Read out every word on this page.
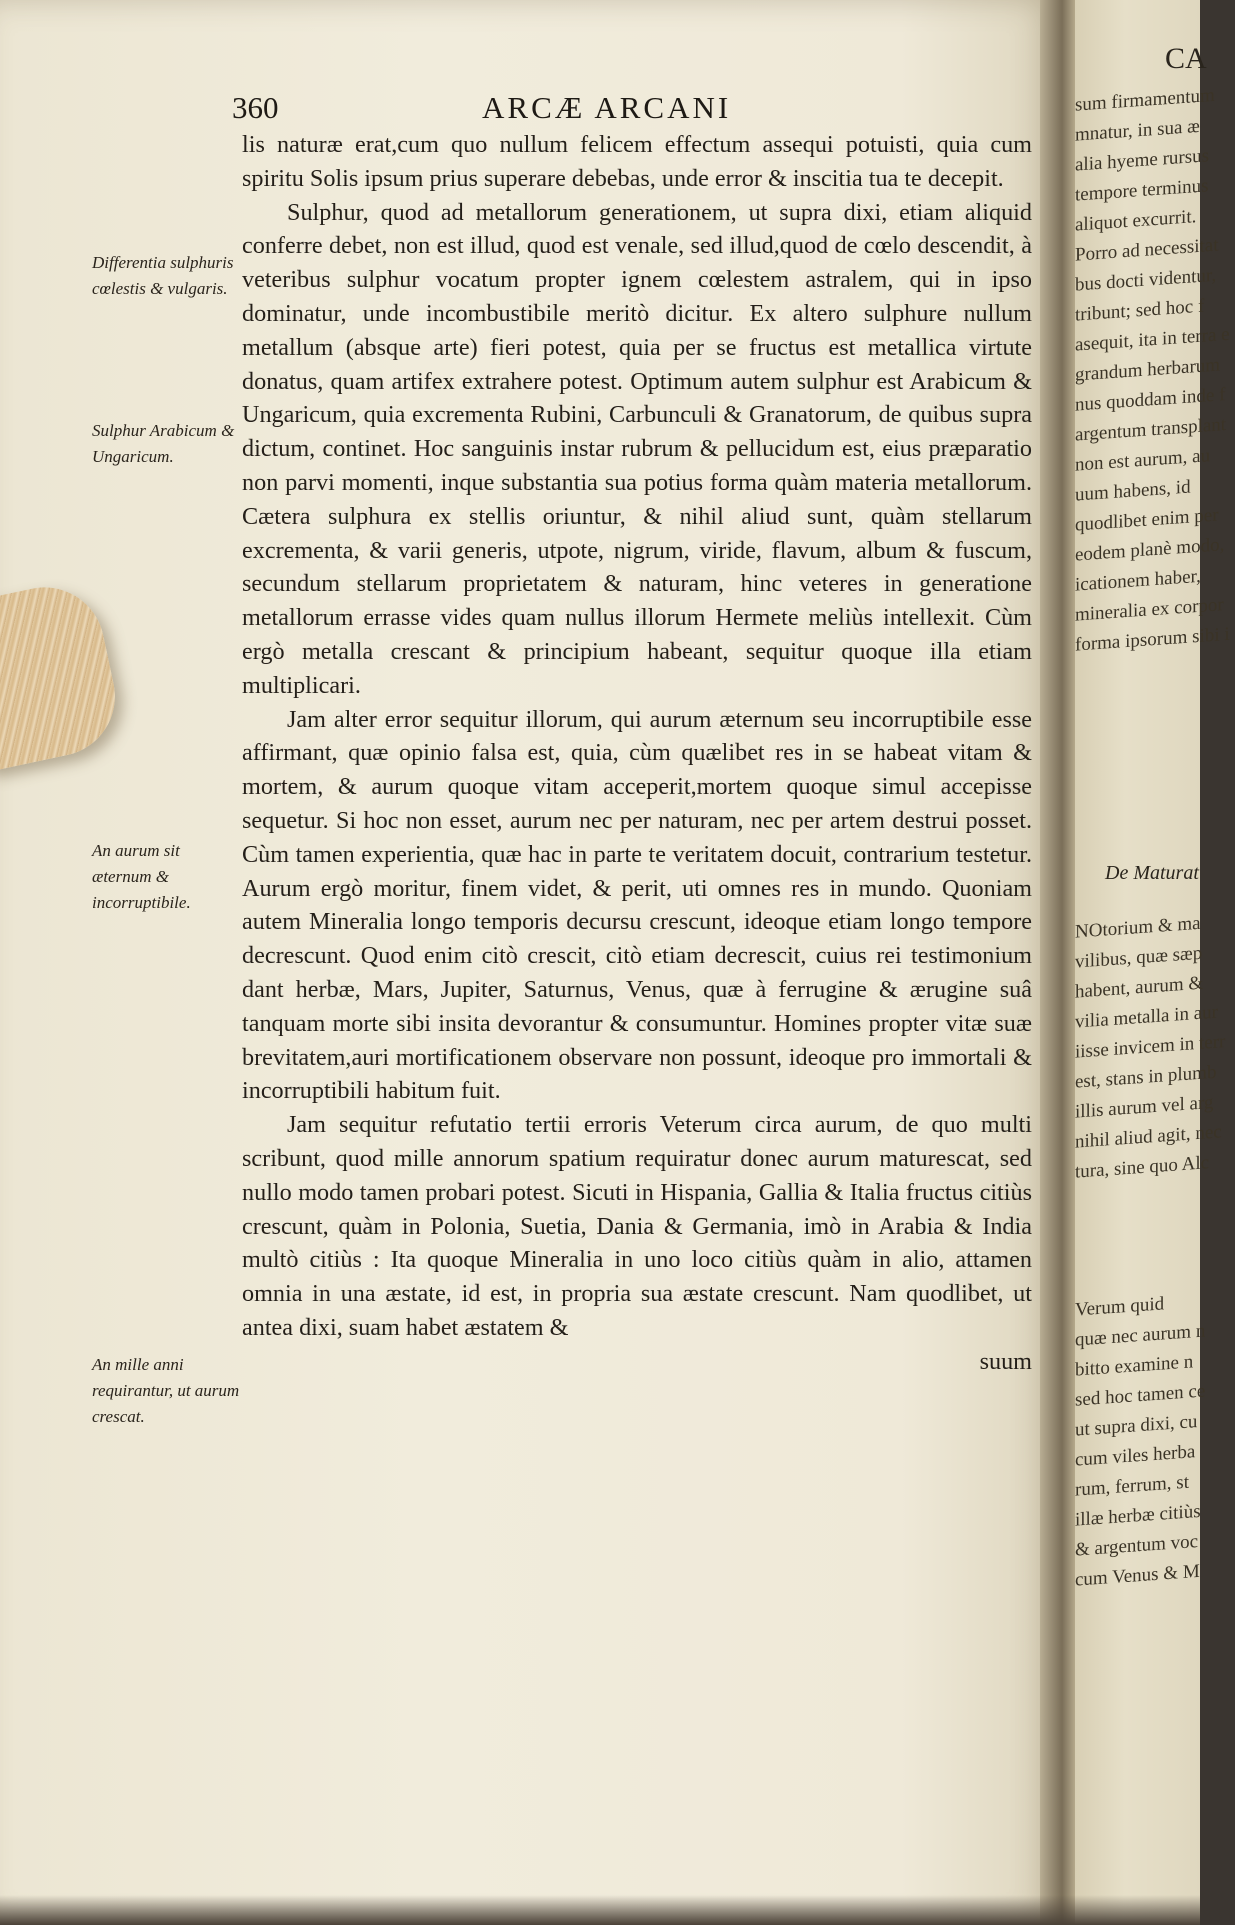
360	ARCÆ ARCANI
Differentia sulphuris cœlestis & vulgaris.
Sulphur Arabicum & Ungaricum.
An aurum sit æternum & incorruptibile.
An mille anni requirantur, ut aurum crescat.

lis naturæ erat,cum quo nullum felicem effectum assequi potuisti, quia cum spiritu Solis ipsum prius superare debebas, unde error & inscitia tua te decepit.

Sulphur, quod ad metallorum generationem, ut supra dixi, etiam aliquid conferre debet, non est illud, quod est venale, sed illud,quod de cœlo descendit, à veteribus sulphur vocatum propter ignem cœlestem astralem, qui in ipso dominatur, unde incombustibile meritò dicitur. Ex altero sulphure nullum metallum (absque arte) fieri potest, quia per se fructus est metallica virtute donatus, quam artifex extrahere potest. Optimum autem sulphur est Arabicum & Ungaricum, quia excrementa Rubini, Carbunculi & Granatorum, de quibus supra dictum, continet. Hoc sanguinis instar rubrum & pellucidum est, eius præparatio non parvi momenti, inque substantia sua potius forma quàm materia metallorum. Cætera sulphura ex stellis oriuntur, & nihil aliud sunt, quàm stellarum excrementa, & varii generis, utpote, nigrum, viride, flavum, album & fuscum, secundum stellarum proprietatem & naturam, hinc veteres in generatione metallorum errasse vides quam nullus illorum Hermete meliùs intellexit. Cùm ergò metalla crescant & principium habeant, sequitur quoque illa etiam multiplicari.

Jam alter error sequitur illorum, qui aurum æternum seu incorruptibile esse affirmant, quæ opinio falsa est, quia, cùm quælibet res in se habeat vitam & mortem, & aurum quoque vitam acceperit,mortem quoque simul accepisse sequetur. Si hoc non esset, aurum nec per naturam, nec per artem destrui posset. Cùm tamen experientia, quæ hac in parte te veritatem docuit, contrarium testetur. Aurum ergò moritur, finem videt, & perit, uti omnes res in mundo. Quoniam autem Mineralia longo temporis decursu crescunt, ideoque etiam longo tempore decrescunt. Quod enim citò crescit, citò etiam decrescit, cuius rei testimonium dant herbæ, Mars, Jupiter, Saturnus, Venus, quæ à ferrugine & ærugine suâ tanquam morte sibi insita devorantur & consumuntur. Homines propter vitæ suæ brevitatem,auri mortificationem observare non possunt, ideoque pro immortali & incorruptibili habitum fuit.

Jam sequitur refutatio tertii erroris Veterum circa aurum, de quo multi scribunt, quod mille annorum spatium requiratur donec aurum maturescat, sed nullo modo tamen probari potest. Sicuti in Hispania, Gallia & Italia fructus citiùs crescunt, quàm in Polonia, Suetia, Dania & Germania, imò in Arabia & India multò citiùs : Ita quoque Mineralia in uno loco citiùs quàm in alio, attamen omnia in una æstate, id est, in propria sua æstate crescunt. Nam quodlibet, ut antea dixi, suam habet æstatem &

suum

CA
sum firmamentum
mnatur, in sua æ
alia hyeme rursus
tempore terminus
aliquot excurrit.
Porro ad necessitat
bus docti videntur,
tribunt; sed hoc f
asequit, ita in terra e
grandum herbarum
nus quoddam inde f
argentum transplant
non est aurum, au
uum habens, id
quodlibet enim per
eodem planè modo,
icationem haber,
mineralia ex corpor
forma ipsorum sibi i
De Maturat
NOtorium & ma
vilibus, quæ sæp
habent, aurum &
vilia metalla in aur
iisse invicem in terr
est, stans in plumb
illis aurum vel arg
nihil aliud agit, nec
tura, sine quo Alc
Verum quid
quæ nec aurum n
bitto examine n
sed hoc tamen ce
ut supra dixi, cu
cum viles herba
rum, ferrum, st
illæ herbæ citiùs
& argentum voc
cum Venus & M
